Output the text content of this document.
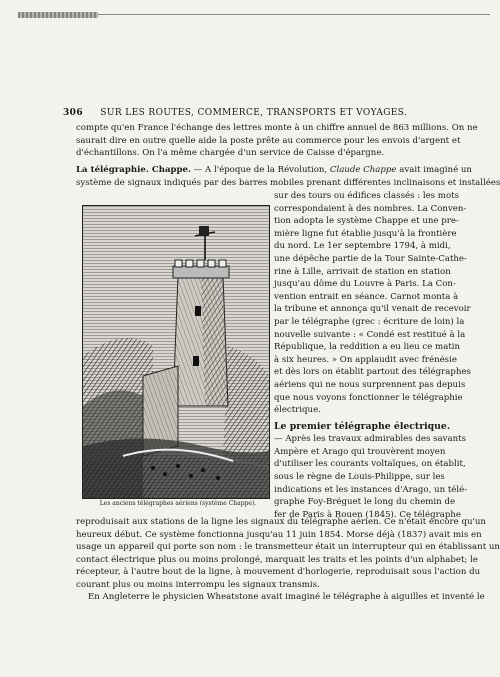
306 SUR LES ROUTES, COMMERCE, TRANSPORTS ET VOYAGES.
compte qu'en France l'échange des lettres monte à un chiffre annuel de 863 millions. On ne
saurait dire en outre quelle aide la poste prête au commerce pour les envois d'argent et
d'échantillons. On l'a même chargée d'un service de Caisse d'épargne.
La télégraphie. Chappe. — A l'époque de la Révolution, Claude Chappe avait imaginé un
système de signaux indiqués par des barres mobiles prenant différentes inclinaisons et installées
Les anciens télégraphes aériens (système Chappe).
sur des tours ou édifices classés : les mots
correspondaient à des nombres. La Conven-
tion adopta le système Chappe et une pre-
mière ligne fut établie jusqu'à la frontière
du nord. Le 1er septembre 1794, à midi,
une dépêche partie de la Tour Sainte-Cathe-
rine à Lille, arrivait de station en station
jusqu'au dôme du Louvre à Paris. La Con-
vention entrait en séance. Carnot monta à
la tribune et annonça qu'il venait de recevoir
par le télégraphe (grec : écriture de loin) la
nouvelle suivante : « Condé est restitué à la
République, la reddition a eu lieu ce matin
à six heures. » On applaudit avec frénésie
et dès lors on établit partout des télégraphes
aériens qui ne nous surprennent pas depuis
que nous voyons fonctionner le télégraphie
électrique.
Le premier télégraphe électrique.
— Après les travaux admirables des savants
Ampère et Arago qui trouvèrent moyen
d'utiliser les courants voltaïques, on établit,
sous le règne de Louis-Philippe, sur les
indications et les instances d'Arago, un télé-
graphe Foy-Bréguet le long du chemin de
fer de Paris à Rouen (1845). Ce télégraphe
reproduisait aux stations de la ligne les signaux du télégraphe aérien. Ce n'était encore qu'un
heureux début. Ce système fonctionna jusqu'au 11 juin 1854. Morse déjà (1837) avait mis en
usage un appareil qui porte son nom : le transmetteur était un interrupteur qui en établissant un
contact électrique plus ou moins prolongé, marquait les traits et les points d'un alphabet; le
récepteur, à l'autre bout de la ligne, à mouvement d'horlogerie, reproduisait sous l'action du
courant plus ou moins interrompu les signaux transmis.
En Angleterre le physicien Wheatstone avait imaginé le télégraphe à aiguilles et inventé le
